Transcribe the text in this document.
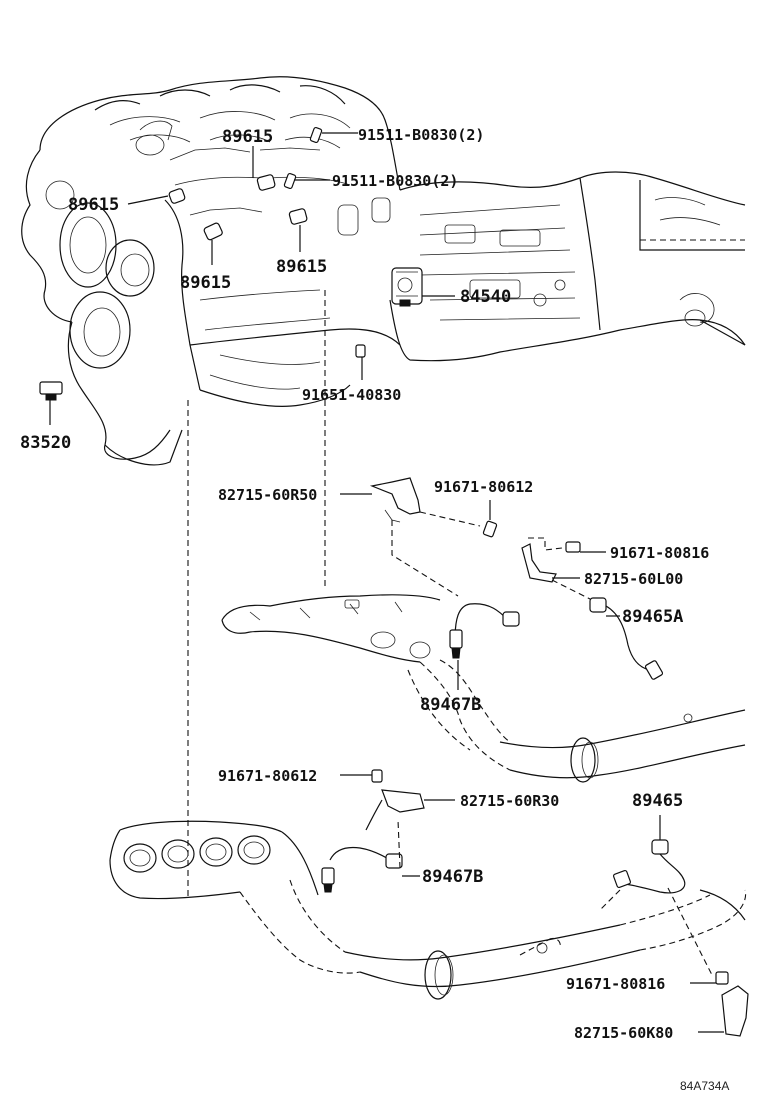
89615	91511-B0830(2)
91511-B0830(2)
89615
89615
89615
84540
91651-40830
83520
82715-60R50	91671-80612
91671-80816
82715-60L00
89465A
89467B
91671-80612
82715-60R30	89465
89467B
91671-80816
82715-60K80
84A734A
